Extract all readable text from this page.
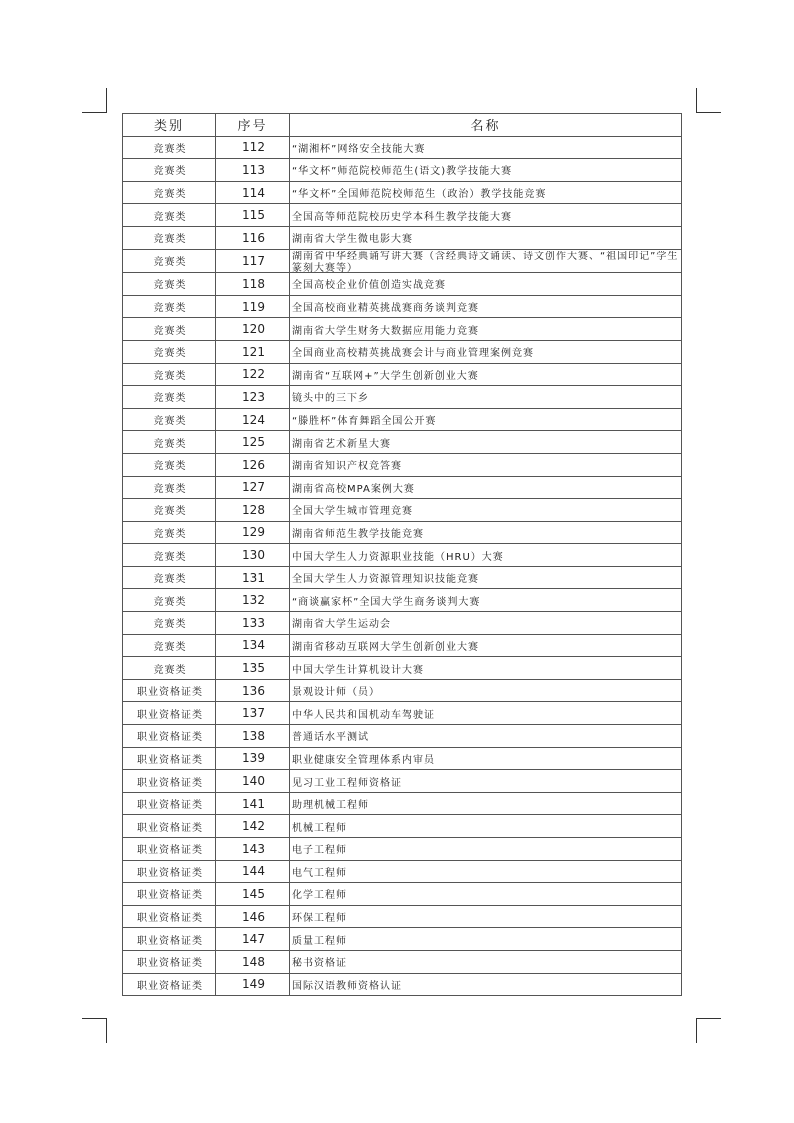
类别	序号	名称
竞赛类	112	“湖湘杯”网络安全技能大赛
竞赛类	113	“华文杯”师范院校师范生(语文)教学技能大赛
竞赛类	114	“华文杯”全国师范院校师范生（政治）教学技能竞赛
竞赛类	115	全国高等师范院校历史学本科生教学技能大赛
竞赛类	116	湖南省大学生微电影大赛
竞赛类	117	湖南省中华经典诵写讲大赛（含经典诗文诵读、诗文创作大赛、“祖国印记”学生篆刻大赛等）

竞赛类	118	全国高校企业价值创造实战竞赛
竞赛类	119	全国高校商业精英挑战赛商务谈判竞赛
竞赛类	120	湖南省大学生财务大数据应用能力竞赛
竞赛类	121	全国商业高校精英挑战赛会计与商业管理案例竞赛
竞赛类	122	湖南省“互联网+”大学生创新创业大赛
竞赛类	123	镜头中的三下乡
竞赛类	124	“滕胜杯”体育舞蹈全国公开赛
竞赛类	125	湖南省艺术新星大赛
竞赛类	126	湖南省知识产权竞答赛
竞赛类	127	湖南省高校MPA案例大赛
竞赛类	128	全国大学生城市管理竞赛
竞赛类	129	湖南省师范生教学技能竞赛
竞赛类	130	中国大学生人力资源职业技能（HRU）大赛
竞赛类	131	全国大学生人力资源管理知识技能竞赛
竞赛类	132	“商谈赢家杯”全国大学生商务谈判大赛
竞赛类	133	湖南省大学生运动会
竞赛类	134	湖南省移动互联网大学生创新创业大赛
竞赛类	135	中国大学生计算机设计大赛
职业资格证类	136	景观设计师（员）
职业资格证类	137	中华人民共和国机动车驾驶证
职业资格证类	138	普通话水平测试
职业资格证类	139	职业健康安全管理体系内审员
职业资格证类	140	见习工业工程师资格证
职业资格证类	141	助理机械工程师
职业资格证类	142	机械工程师
职业资格证类	143	电子工程师
职业资格证类	144	电气工程师
职业资格证类	145	化学工程师
职业资格证类	146	环保工程师
职业资格证类	147	质量工程师
职业资格证类	148	秘书资格证
职业资格证类	149	国际汉语教师资格认证
